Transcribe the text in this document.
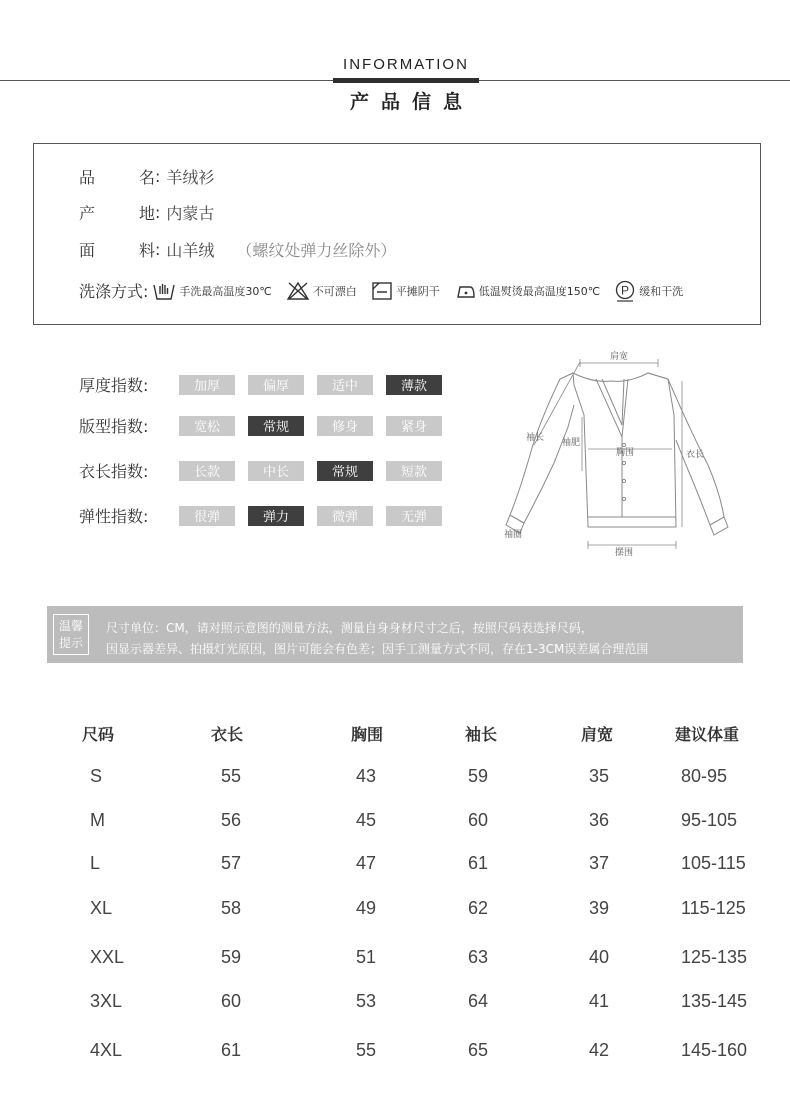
INFORMATION
产品信息
品	名 : 羊绒衫
产	地 : 内蒙古
面	料 : 山羊绒 （螺纹处弹力丝除外）
洗涤方式:	手洗最高温度30℃	不可漂白	平摊阴干	低温熨烫最高温度150℃ P 缓和干洗
厚度指数:	加厚	偏厚	适中	薄款
版型指数:	宽松	常规	修身	紧身
衣长指数:	长款	中长	常规	短款
弹性指数:	很弹	弹力	微弹	无弹
肩宽
袖长 袖肥
胸围	衣长
袖圈
摆围
温馨
提示
尺寸单位：CM，请对照示意图的测量方法，测量自身身材尺寸之后，按照尺码表选择尺码，
因显示器差异、拍摄灯光原因，图片可能会有色差；因手工测量方式不同，存在1-3CM误差属合理范围
尺码	衣长	胸围	袖长	肩宽	建议体重
S	55	43	59	35	80-95
M	56	45	60	36	95-105
L	57	47	61	37	105-115
XL	58	49	62	39	115-125
XXL	59	51	63	40	125-135
3XL	60	53	64	41	135-145
4XL	61	55	65	42	145-160
